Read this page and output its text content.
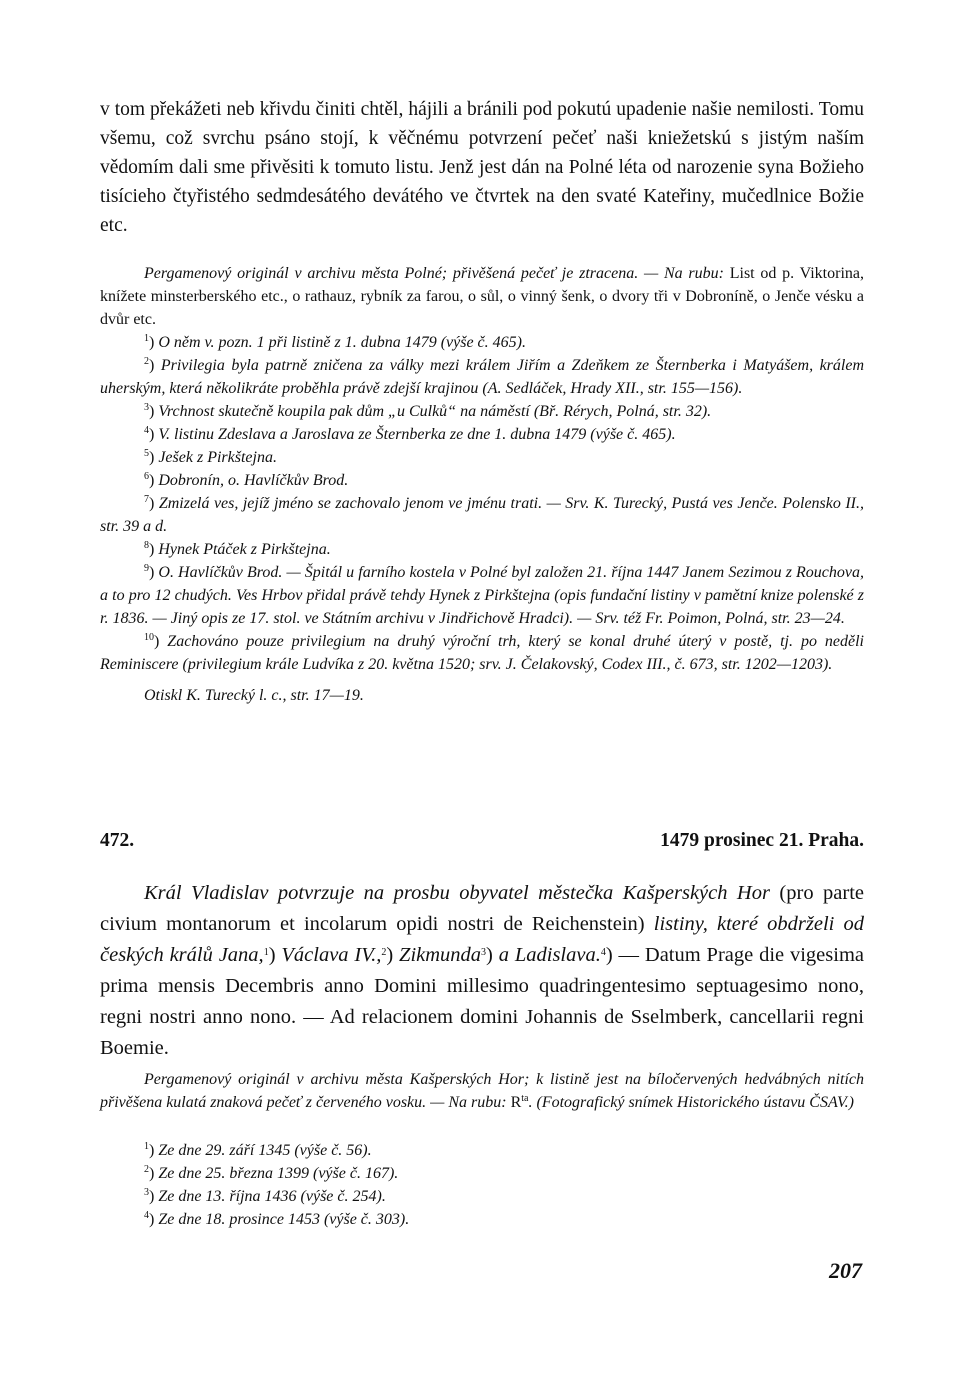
v tom překážeti neb křivdu činiti chtěl, hájili a bránili pod pokutú upadenie našie nemilosti. Tomu všemu, což svrchu psáno stojí, k věčnému potvrzení pečeť naši kniežetskú s jistým naším vědomím dali sme přivěsiti k tomuto listu. Jenž jest dán na Polné léta od narozenie syna Božieho tisícieho čtyřistého sedmdesátého devátého ve čtvrtek na den svaté Kateřiny, mučedlnice Božie etc.

Pergamenový originál v archivu města Polné; přivěšená pečeť je ztracena. — Na rubu: List od p. Viktorina, knížete minsterberského etc., o rathauz, rybník za farou, o sůl, o vinný šenk, o dvory tři v Dobroníně, o Jenče vésku a dvůr etc.

$^1$) O něm v. pozn. 1 při listině z 1. dubna 1479 (výše č. 465).

$^2$) Privilegia byla patrně zničena za války mezi králem Jiřím a Zdeňkem ze Šternberka i Matyášem, králem uherským, která několikráte proběhla právě zdejší krajinou (A. Sedláček, Hrady XII., str. 155—156).

$^3$) Vrchnost skutečně koupila pak dům „u Culků“ na náměstí (Bř. Rérych, Polná, str. 32).

$^4$) V. listinu Zdeslava a Jaroslava ze Šternberka ze dne 1. dubna 1479 (výše č. 465).

$^5$) Ješek z Pirkštejna.

$^6$) Dobronín, o. Havlíčkův Brod.

$^7$) Zmizelá ves, jejíž jméno se zachovalo jenom ve jménu trati. — Srv. K. Turecký, Pustá ves Jenče. Polensko II., str. 39 a d.

$^8$) Hynek Ptáček z Pirkštejna.

$^9$) O. Havlíčkův Brod. — Špitál u farního kostela v Polné byl založen 21. října 1447 Janem Sezimou z Rouchova, a to pro 12 chudých. Ves Hrbov přidal právě tehdy Hynek z Pirkštejna (opis fundační listiny v pamětní knize polenské z r. 1836. — Jiný opis ze 17. stol. ve Státním archivu v Jindřichově Hradci). — Srv. též Fr. Poimon, Polná, str. 23—24.

$^{10}$) Zachováno pouze privilegium na druhý výroční trh, který se konal druhé úterý v postě, tj. po neděli Reminiscere (privilegium krále Ludvíka z 20. května 1520; srv. J. Čelakovský, Codex III., č. 673, str. 1202—1203).

Otiskl K. Turecký l. c., str. 17—19.

472.	1479 prosinec 21. Praha.

Král Vladislav potvrzuje na prosbu obyvatel městečka Kašperských Hor (pro parte civium montanorum et incolarum opidi nostri de Reichenstein) listiny, které obdrželi od českých králů Jana,$^1$) Václava IV.,$^2$) Zikmunda$^3$) a Ladislava.$^4$) — Datum Prage die vigesima prima mensis Decembris anno Domini millesimo quadringentesimo septuagesimo nono, regni nostri anno nono. — Ad relacionem domini Johannis de Sselmberk, cancellarii regni Boemie.

Pergamenový originál v archivu města Kašperských Hor; k listině jest na bíločervených hedvábných nitích přivěšena kulatá znaková pečeť z červeného vosku. — Na rubu: $R^{ta}$. (Fotografický snímek Historického ústavu ČSAV.)

$^1$) Ze dne 29. září 1345 (výše č. 56).

$^2$) Ze dne 25. března 1399 (výše č. 167).

$^3$) Ze dne 13. října 1436 (výše č. 254).

$^4$) Ze dne 18. prosince 1453 (výše č. 303).

207
